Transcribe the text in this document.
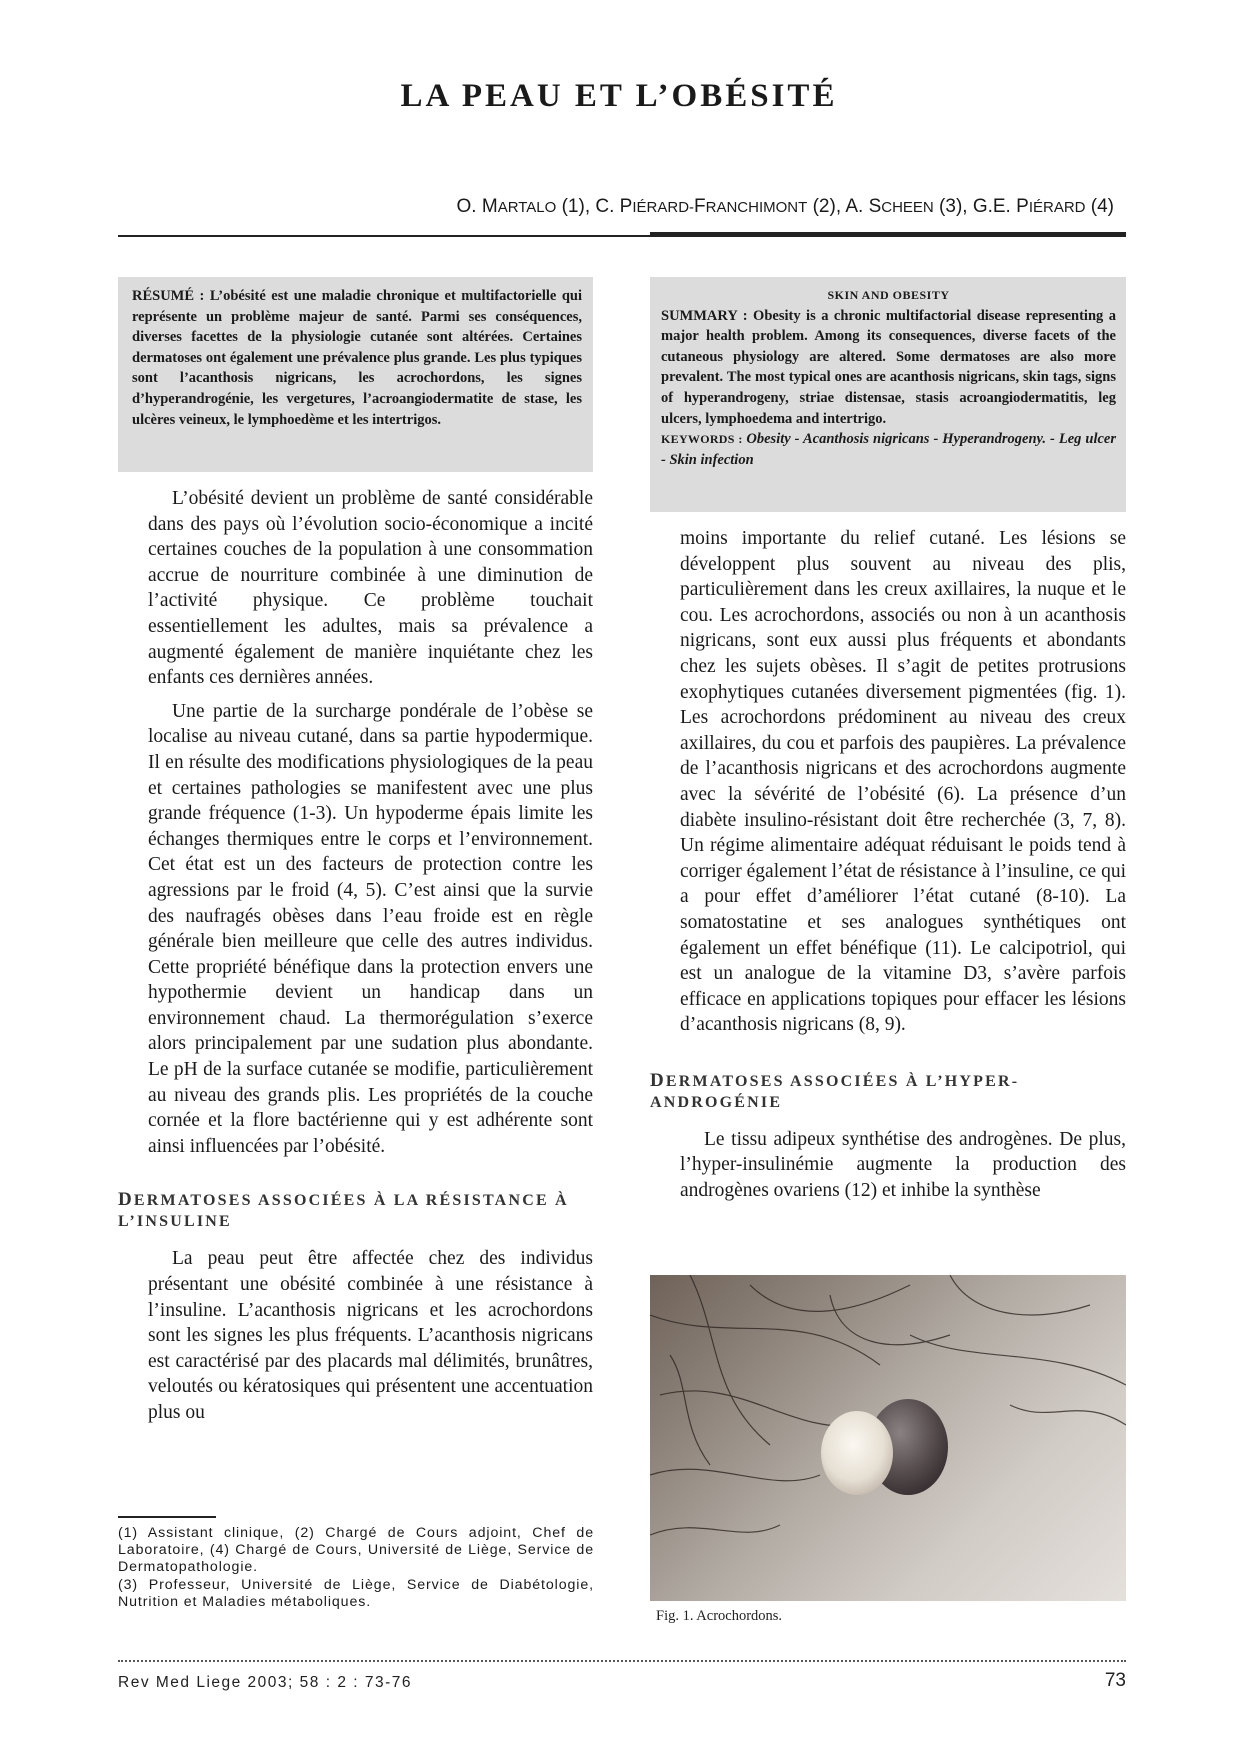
LA PEAU ET L’OBÉSITÉ
O. MARTALO (1), C. PIÉRARD-FRANCHIMONT (2), A. SCHEEN (3), G.E. PIÉRARD (4)
RÉSUMÉ : L’obésité est une maladie chronique et multifactorielle qui représente un problème majeur de santé. Parmi ses conséquences, diverses facettes de la physiologie cutanée sont altérées. Certaines dermatoses ont également une prévalence plus grande. Les plus typiques sont l’acanthosis nigricans, les acrochordons, les signes d’hyperandrogénie, les vergetures, l’acroangiodermatite de stase, les ulcères veineux, le lymphoedème et les intertrigos.
SKIN AND OBESITY
SUMMARY : Obesity is a chronic multifactorial disease representing a major health problem. Among its consequences, diverse facets of the cutaneous physiology are altered. Some dermatoses are also more prevalent. The most typical ones are acanthosis nigricans, skin tags, signs of hyperandrogeny, striae distensae, stasis acroangiodermatitis, leg ulcers, lymphoedema and intertrigo.
KEYWORDS : Obesity - Acanthosis nigricans - Hyperandrogeny. - Leg ulcer - Skin infection

L’obésité devient un problème de santé considérable dans des pays où l’évolution socio-économique a incité certaines couches de la population à une consommation accrue de nourriture combinée à une diminution de l’activité physique. Ce problème touchait essentiellement les adultes, mais sa prévalence a augmenté également de manière inquiétante chez les enfants ces dernières années.

Une partie de la surcharge pondérale de l’obèse se localise au niveau cutané, dans sa partie hypodermique. Il en résulte des modifications physiologiques de la peau et certaines pathologies se manifestent avec une plus grande fréquence (1-3). Un hypoderme épais limite les échanges thermiques entre le corps et l’environnement. Cet état est un des facteurs de protection contre les agressions par le froid (4, 5). C’est ainsi que la survie des naufragés obèses dans l’eau froide est en règle générale bien meilleure que celle des autres individus. Cette propriété bénéfique dans la protection envers une hypothermie devient un handicap dans un environnement chaud. La thermorégulation s’exerce alors principalement par une sudation plus abondante. Le pH de la surface cutanée se modifie, particulièrement au niveau des grands plis. Les propriétés de la couche cornée et la flore bactérienne qui y est adhérente sont ainsi influencées par l’obésité.

DERMATOSES ASSOCIÉES À LA RÉSISTANCE À L’INSULINE

La peau peut être affectée chez des individus présentant une obésité combinée à une résistance à l’insuline. L’acanthosis nigricans et les acrochordons sont les signes les plus fréquents. L’acanthosis nigricans est caractérisé par des placards mal délimités, brunâtres, veloutés ou kératosiques qui présentent une accentuation plus ou

moins importante du relief cutané. Les lésions se développent plus souvent au niveau des plis, particulièrement dans les creux axillaires, la nuque et le cou. Les acrochordons, associés ou non à un acanthosis nigricans, sont eux aussi plus fréquents et abondants chez les sujets obèses. Il s’agit de petites protrusions exophytiques cutanées diversement pigmentées (fig. 1). Les acrochordons prédominent au niveau des creux axillaires, du cou et parfois des paupières. La prévalence de l’acanthosis nigricans et des acrochordons augmente avec la sévérité de l’obésité (6). La présence d’un diabète insulino-résistant doit être recherchée (3, 7, 8). Un régime alimentaire adéquat réduisant le poids tend à corriger également l’état de résistance à l’insuline, ce qui a pour effet d’améliorer l’état cutané (8-10). La somatostatine et ses analogues synthétiques ont également un effet bénéfique (11). Le calcipotriol, qui est un analogue de la vitamine D3, s’avère parfois efficace en applications topiques pour effacer les lésions d’acanthosis nigricans (8, 9).

DERMATOSES ASSOCIÉES À L’HYPER-ANDROGÉNIE

Le tissu adipeux synthétise des androgènes. De plus, l’hyper-insulinémie augmente la production des androgènes ovariens (12) et inhibe la synthèse

(1) Assistant clinique, (2) Chargé de Cours adjoint, Chef de Laboratoire, (4) Chargé de Cours, Université de Liège, Service de Dermatopathologie.
(3) Professeur, Université de Liège, Service de Diabétologie, Nutrition et Maladies métaboliques.
Fig. 1. Acrochordons.
Rev Med Liege 2003; 58 : 2 : 73-76	73
